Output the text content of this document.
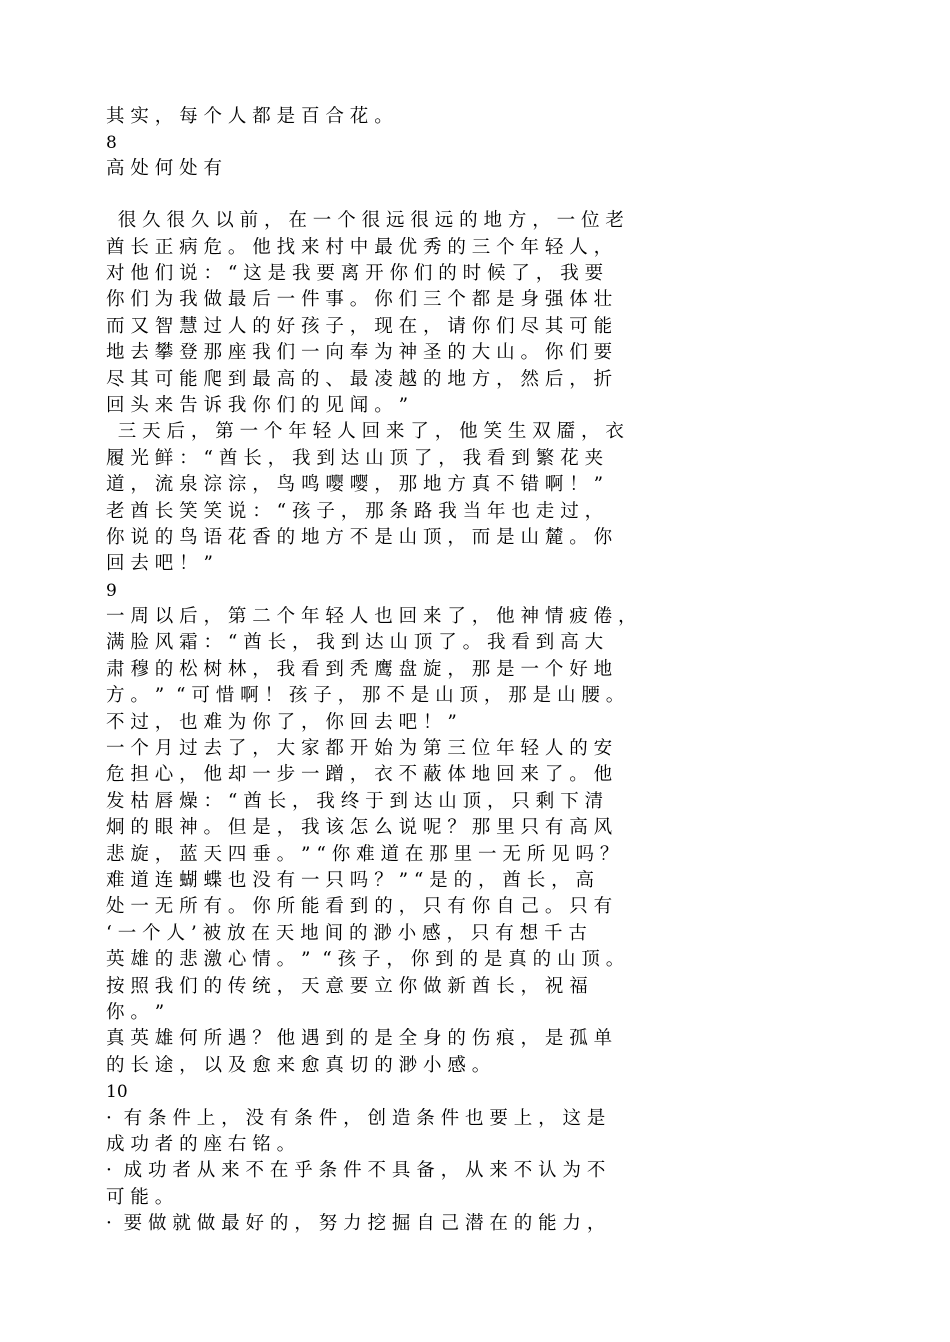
其 实 ， 每 个 人 都 是 百 合 花 。
8
高 处 何 处 有
很 久 很 久 以 前 ， 在 一 个 很 远 很 远 的 地 方 ， 一 位 老
酋 长 正 病 危 。 他 找 来 村 中 最 优 秀 的 三 个 年 轻 人 ，
对 他 们 说 ： “ 这 是 我 要 离 开 你 们 的 时 候 了 ， 我 要
你 们 为 我 做 最 后 一 件 事 。 你 们 三 个 都 是 身 强 体 壮
而 又 智 慧 过 人 的 好 孩 子 ， 现 在 ， 请 你 们 尽 其 可 能
地 去 攀 登 那 座 我 们 一 向 奉 为 神 圣 的 大 山 。 你 们 要
尽 其 可 能 爬 到 最 高 的 、 最 凌 越 的 地 方 ， 然 后 ， 折
回 头 来 告 诉 我 你 们 的 见 闻 。 ”
三 天 后 ， 第 一 个 年 轻 人 回 来 了 ， 他 笑 生 双 靥 ， 衣
履 光 鲜 ： “ 酋 长 ， 我 到 达 山 顶 了 ， 我 看 到 繁 花 夹
道 ， 流 泉 淙 淙 ， 鸟 鸣 嘤 嘤 ， 那 地 方 真 不 错 啊 ！ ”
老 酋 长 笑 笑 说 ： “ 孩 子 ， 那 条 路 我 当 年 也 走 过 ，
你 说 的 鸟 语 花 香 的 地 方 不 是 山 顶 ， 而 是 山 麓 。 你
回 去 吧 ！ ”
9
一 周 以 后 ， 第 二 个 年 轻 人 也 回 来 了 ， 他 神 情 疲 倦 ，
满 脸 风 霜 ： “ 酋 长 ， 我 到 达 山 顶 了 。 我 看 到 高 大
肃 穆 的 松 树 林 ， 我 看 到 秃 鹰 盘 旋 ， 那 是 一 个 好 地
方 。 ”  “ 可 惜 啊 ！ 孩 子 ， 那 不 是 山 顶 ， 那 是 山 腰 。
不 过 ， 也 难 为 你 了 ， 你 回 去 吧 ！ ”
一 个 月 过 去 了 ， 大 家 都 开 始 为 第 三 位 年 轻 人 的 安
危 担 心 ， 他 却 一 步 一 蹭 ， 衣 不 蔽 体 地 回 来 了 。 他
发 枯 唇 燥 ： “ 酋 长 ， 我 终 于 到 达 山 顶 ， 只 剩 下 清
炯 的 眼 神 。 但 是 ， 我 该 怎 么 说 呢 ？ 那 里 只 有 高 风
悲 旋 ， 蓝 天 四 垂 。 ” “ 你 难 道 在 那 里 一 无 所 见 吗 ？
难 道 连 蝴 蝶 也 没 有 一 只 吗 ？ ” “ 是 的 ， 酋 长 ， 高
处 一 无 所 有 。 你 所 能 看 到 的 ， 只 有 你 自 己 。 只 有
‘ 一 个 人 ’ 被 放 在 天 地 间 的 渺 小 感 ， 只 有 想 千 古
英 雄 的 悲 激 心 情 。 ”  “ 孩 子 ， 你 到 的 是 真 的 山 顶 。
按 照 我 们 的 传 统 ， 天 意 要 立 你 做 新 酋 长 ， 祝 福
你 。 ”
真 英 雄 何 所 遇 ？ 他 遇 到 的 是 全 身 的 伤 痕 ， 是 孤 单
的 长 途 ， 以 及 愈 来 愈 真 切 的 渺 小 感 。
10
·  有 条 件 上 ， 没 有 条 件 ， 创 造 条 件 也 要 上 ， 这 是
成 功 者 的 座 右 铭 。
·  成 功 者 从 来 不 在 乎 条 件 不 具 备 ， 从 来 不 认 为 不
可 能 。
·  要 做 就 做 最 好 的 ， 努 力 挖 掘 自 己 潜 在 的 能 力 ，
